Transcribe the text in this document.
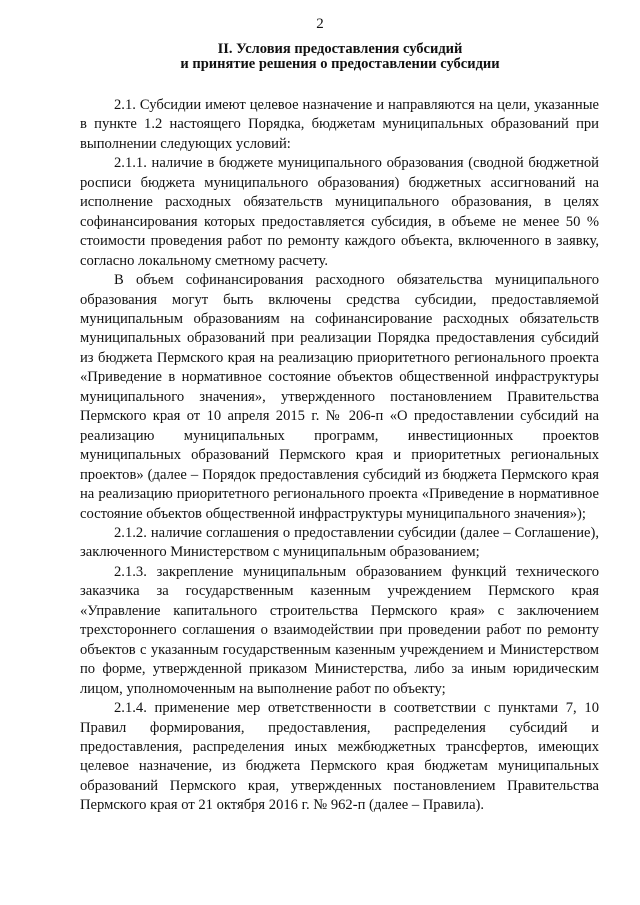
2
II. Условия предоставления субсидий
и принятие решения о предоставлении субсидии

2.1. Субсидии имеют целевое назначение и направляются на цели, указанные в пункте 1.2 настоящего Порядка, бюджетам муниципальных образований при выполнении следующих условий:

2.1.1. наличие в бюджете муниципального образования (сводной бюджетной росписи бюджета муниципального образования) бюджетных ассигнований на исполнение расходных обязательств муниципального образования, в целях софинансирования которых предоставляется субсидия, в объеме не менее 50 % стоимости проведения работ по ремонту каждого объекта, включенного в заявку, согласно локальному сметному расчету.

В объем софинансирования расходного обязательства муниципального образования могут быть включены средства субсидии, предоставляемой муниципальным образованиям на софинансирование расходных обязательств муниципальных образований при реализации Порядка предоставления субсидий из бюджета Пермского края на реализацию приоритетного регионального проекта «Приведение в нормативное состояние объектов общественной инфраструктуры муниципального значения», утвержденного постановлением Правительства Пермского края от 10 апреля 2015 г. № 206-п «О предоставлении субсидий на реализацию муниципальных программ, инвестиционных проектов муниципальных образований Пермского края и приоритетных региональных проектов» (далее – Порядок предоставления субсидий из бюджета Пермского края на реализацию приоритетного регионального проекта «Приведение в нормативное состояние объектов общественной инфраструктуры муниципального значения»);

2.1.2. наличие соглашения о предоставлении субсидии (далее – Соглашение), заключенного Министерством с муниципальным образованием;

2.1.3. закрепление муниципальным образованием функций технического заказчика за государственным казенным учреждением Пермского края «Управление капитального строительства Пермского края» с заключением трехстороннего соглашения о взаимодействии при проведении работ по ремонту объектов с указанным государственным казенным учреждением и Министерством по форме, утвержденной приказом Министерства, либо за иным юридическим лицом, уполномоченным на выполнение работ по объекту;

2.1.4. применение мер ответственности в соответствии с пунктами 7, 10 Правил формирования, предоставления, распределения субсидий и предоставления, распределения иных межбюджетных трансфертов, имеющих целевое назначение, из бюджета Пермского края бюджетам муниципальных образований Пермского края, утвержденных постановлением Правительства Пермского края от 21 октября 2016 г. № 962-п (далее – Правила).
